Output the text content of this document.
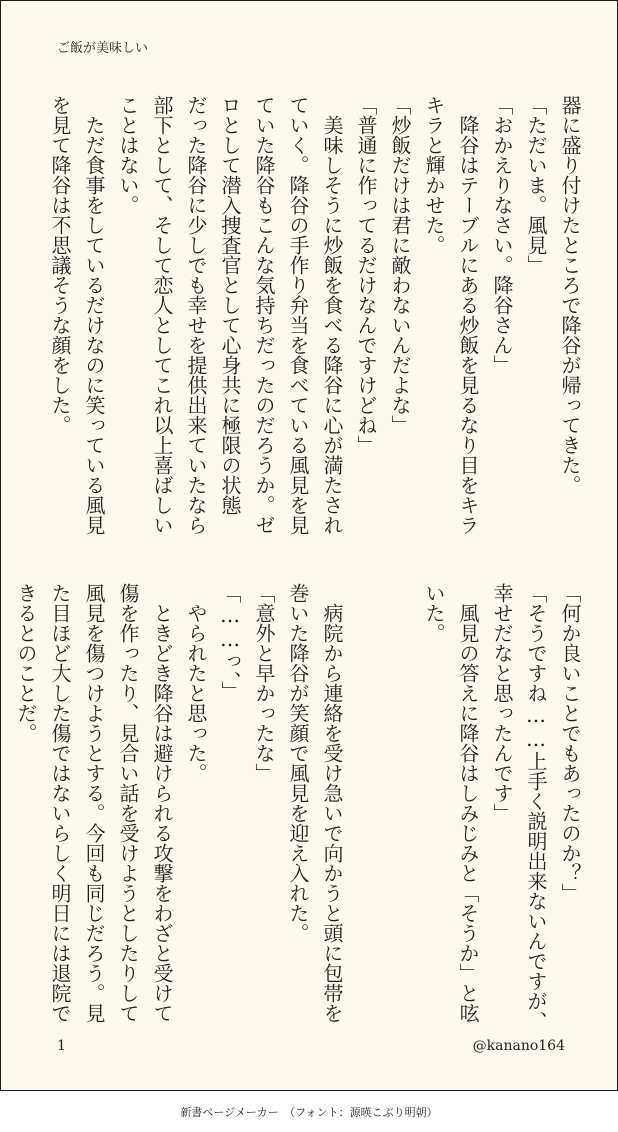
ご飯が美味しい
器に盛り付けたところで降谷が帰ってきた。
「ただいま。風見」
「おかえりなさい。降谷さん」
　降谷はテーブルにある炒飯を見るなり目をキラ
キラと輝かせた。
「炒飯だけは君に敵わないんだよな」
「普通に作ってるだけなんですけどね」
　美味しそうに炒飯を食べる降谷に心が満たされ
ていく。降谷の手作り弁当を食べている風見を見
ていた降谷もこんな気持ちだったのだろうか。ゼ
ロとして潜入捜査官として心身共に極限の状態
だった降谷に少しでも幸せを提供出来ていたなら
部下として、そして恋人としてこれ以上喜ばしい
ことはない。
　ただ食事をしているだけなのに笑っている風見
を見て降谷は不思議そうな顔をした。
「何か良いことでもあったのか？」
「そうですね……上手く説明出来ないんですが、
幸せだなと思ったんです」
　風見の答えに降谷はしみじみと「そうか」と呟
いた。

　病院から連絡を受け急いで向かうと頭に包帯を
巻いた降谷が笑顔で風見を迎え入れた。
「意外と早かったな」
「……っ、」
　やられたと思った。
　ときどき降谷は避けられる攻撃をわざと受けて
傷を作ったり、見合い話を受けようとしたりして
風見を傷つけようとする。今回も同じだろう。見
た目ほど大した傷ではないらしく明日には退院で
きるとのことだ。
1	@kanano164
新書ページメーカー　（フォント：源暎こぶり明朝）
